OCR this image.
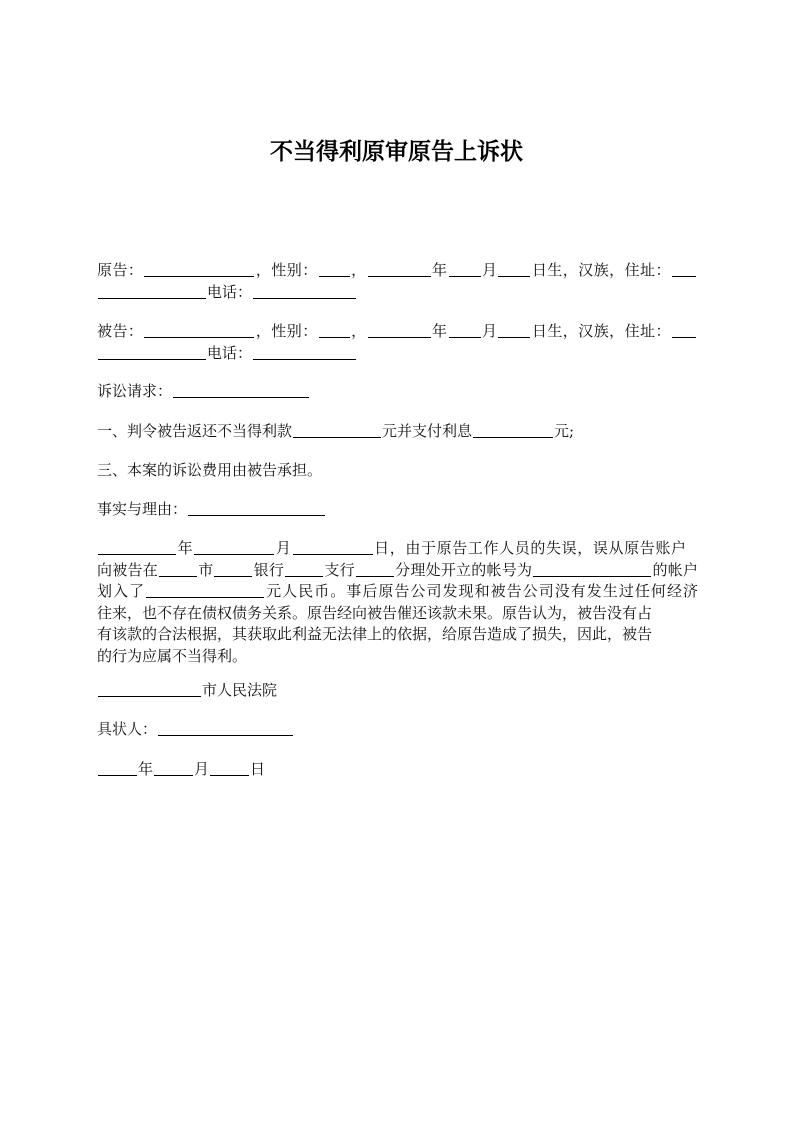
不当得利原审原告上诉状
原告：	，性别： ，	年 月 日生，汉族，住址：
电话：
被告：	，性别： ，	年 月 日生，汉族，住址：
电话：
诉讼请求：
一、判令被告返还不当得利款	元并支付利息	元;
三、本案的诉讼费用由被告承担。
事实与理由：
年	月	日，由于原告工作人员的失误，误从原告账户
向被告在	市	银行	支行	分理处开立的帐号为	的帐户
划入了	元人民币。事后原告公司发现和被告公司没有发生过任何经济
往来，也不存在债权债务关系。原告经向被告催还该款未果。原告认为，被告没有占
有该款的合法根据，其获取此利益无法律上的依据，给原告造成了损失，因此，被告
的行为应属不当得利。
市人民法院
具状人：
年	月	日
